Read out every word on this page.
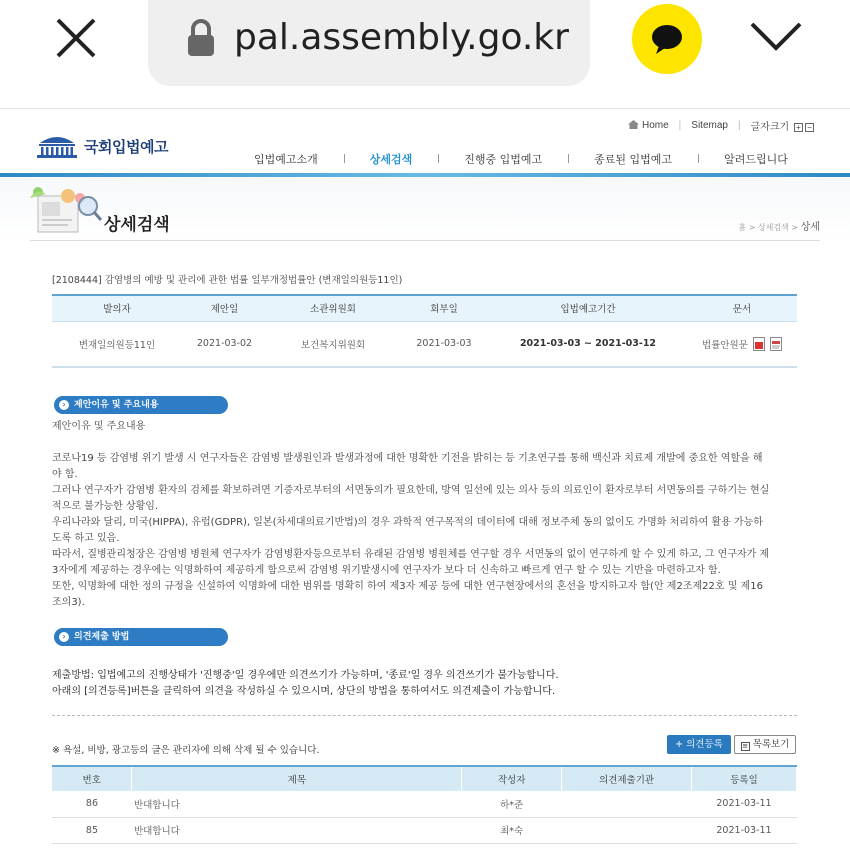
pal.assembly.go.kr
Home | Sitemap | 글자크기 + −
국회입법예고
입법예고소개	상세검색	진행중 입법예고	종료된 입법예고	알려드립니다
상세검색	홈 > 상세검색 > 상세
[2108444] 감염병의 예방 및 관리에 관한 법률 일부개정법률안 (변재일의원등11인)
발의자	제안일	소관위원회	회부일	입법예고기간	문서
변재일의원등11인	2021-03-02	보건복지위원회	2021-03-03	2021-03-03 ~ 2021-03-12	법률안원문
› 제안이유 및 주요내용

제안이유 및 주요내용

코로나19 등 감염병 위기 발생 시 연구자들은 감염병 발생원인과 발생과정에 대한 명확한 기전을 밝히는 등 기초연구를 통해 백신과 치료제 개발에 중요한 역할을 해야 함.

그러나 연구자가 감염병 환자의 검체를 확보하려면 기증자로부터의 서면동의가 필요한데, 방역 일선에 있는 의사 등의 의료인이 환자로부터 서면동의를 구하기는 현실적으로 불가능한 상황임.

우리나라와 달리, 미국(HIPPA), 유럽(GDPR), 일본(차세대의료기반법)의 경우 과학적 연구목적의 데이터에 대해 정보주체 동의 없이도 가명화 처리하여 활용 가능하도록 하고 있음.

따라서, 질병관리청장은 감염병 병원체 연구자가 감염병환자등으로부터 유래된 감염병 병원체를 연구할 경우 서면동의 없이 연구하게 할 수 있게 하고, 그 연구자가 제3자에게 제공하는 경우에는 익명화하여 제공하게 함으로써 감염병 위기발생시에 연구자가 보다 더 신속하고 빠르게 연구 할 수 있는 기반을 마련하고자 함.

또한, 익명화에 대한 정의 규정을 신설하여 익명화에 대한 범위를 명확히 하여 제3자 제공 등에 대한 연구현장에서의 혼선을 방지하고자 함(안 제2조제22호 및 제16조의3).

› 의견제출 방법

제출방법: 입법예고의 진행상태가 '진행중'일 경우에만 의견쓰기가 가능하며, '종료'일 경우 의견쓰기가 불가능합니다.

아래의 [의견등록]버튼을 클릭하여 의견을 작성하실 수 있으시며, 상단의 방법을 통하여서도 의견제출이 가능합니다.

※ 욕설, 비방, 광고등의 글은 관리자에 의해 삭제 될 수 있습니다.
+ 의견등록	≡ 목록보기
번호	제목	작성자	의견제출기관	등록일
86	반대합니다	하*준		2021-03-11
85	반대합니다	최*숙		2021-03-11
